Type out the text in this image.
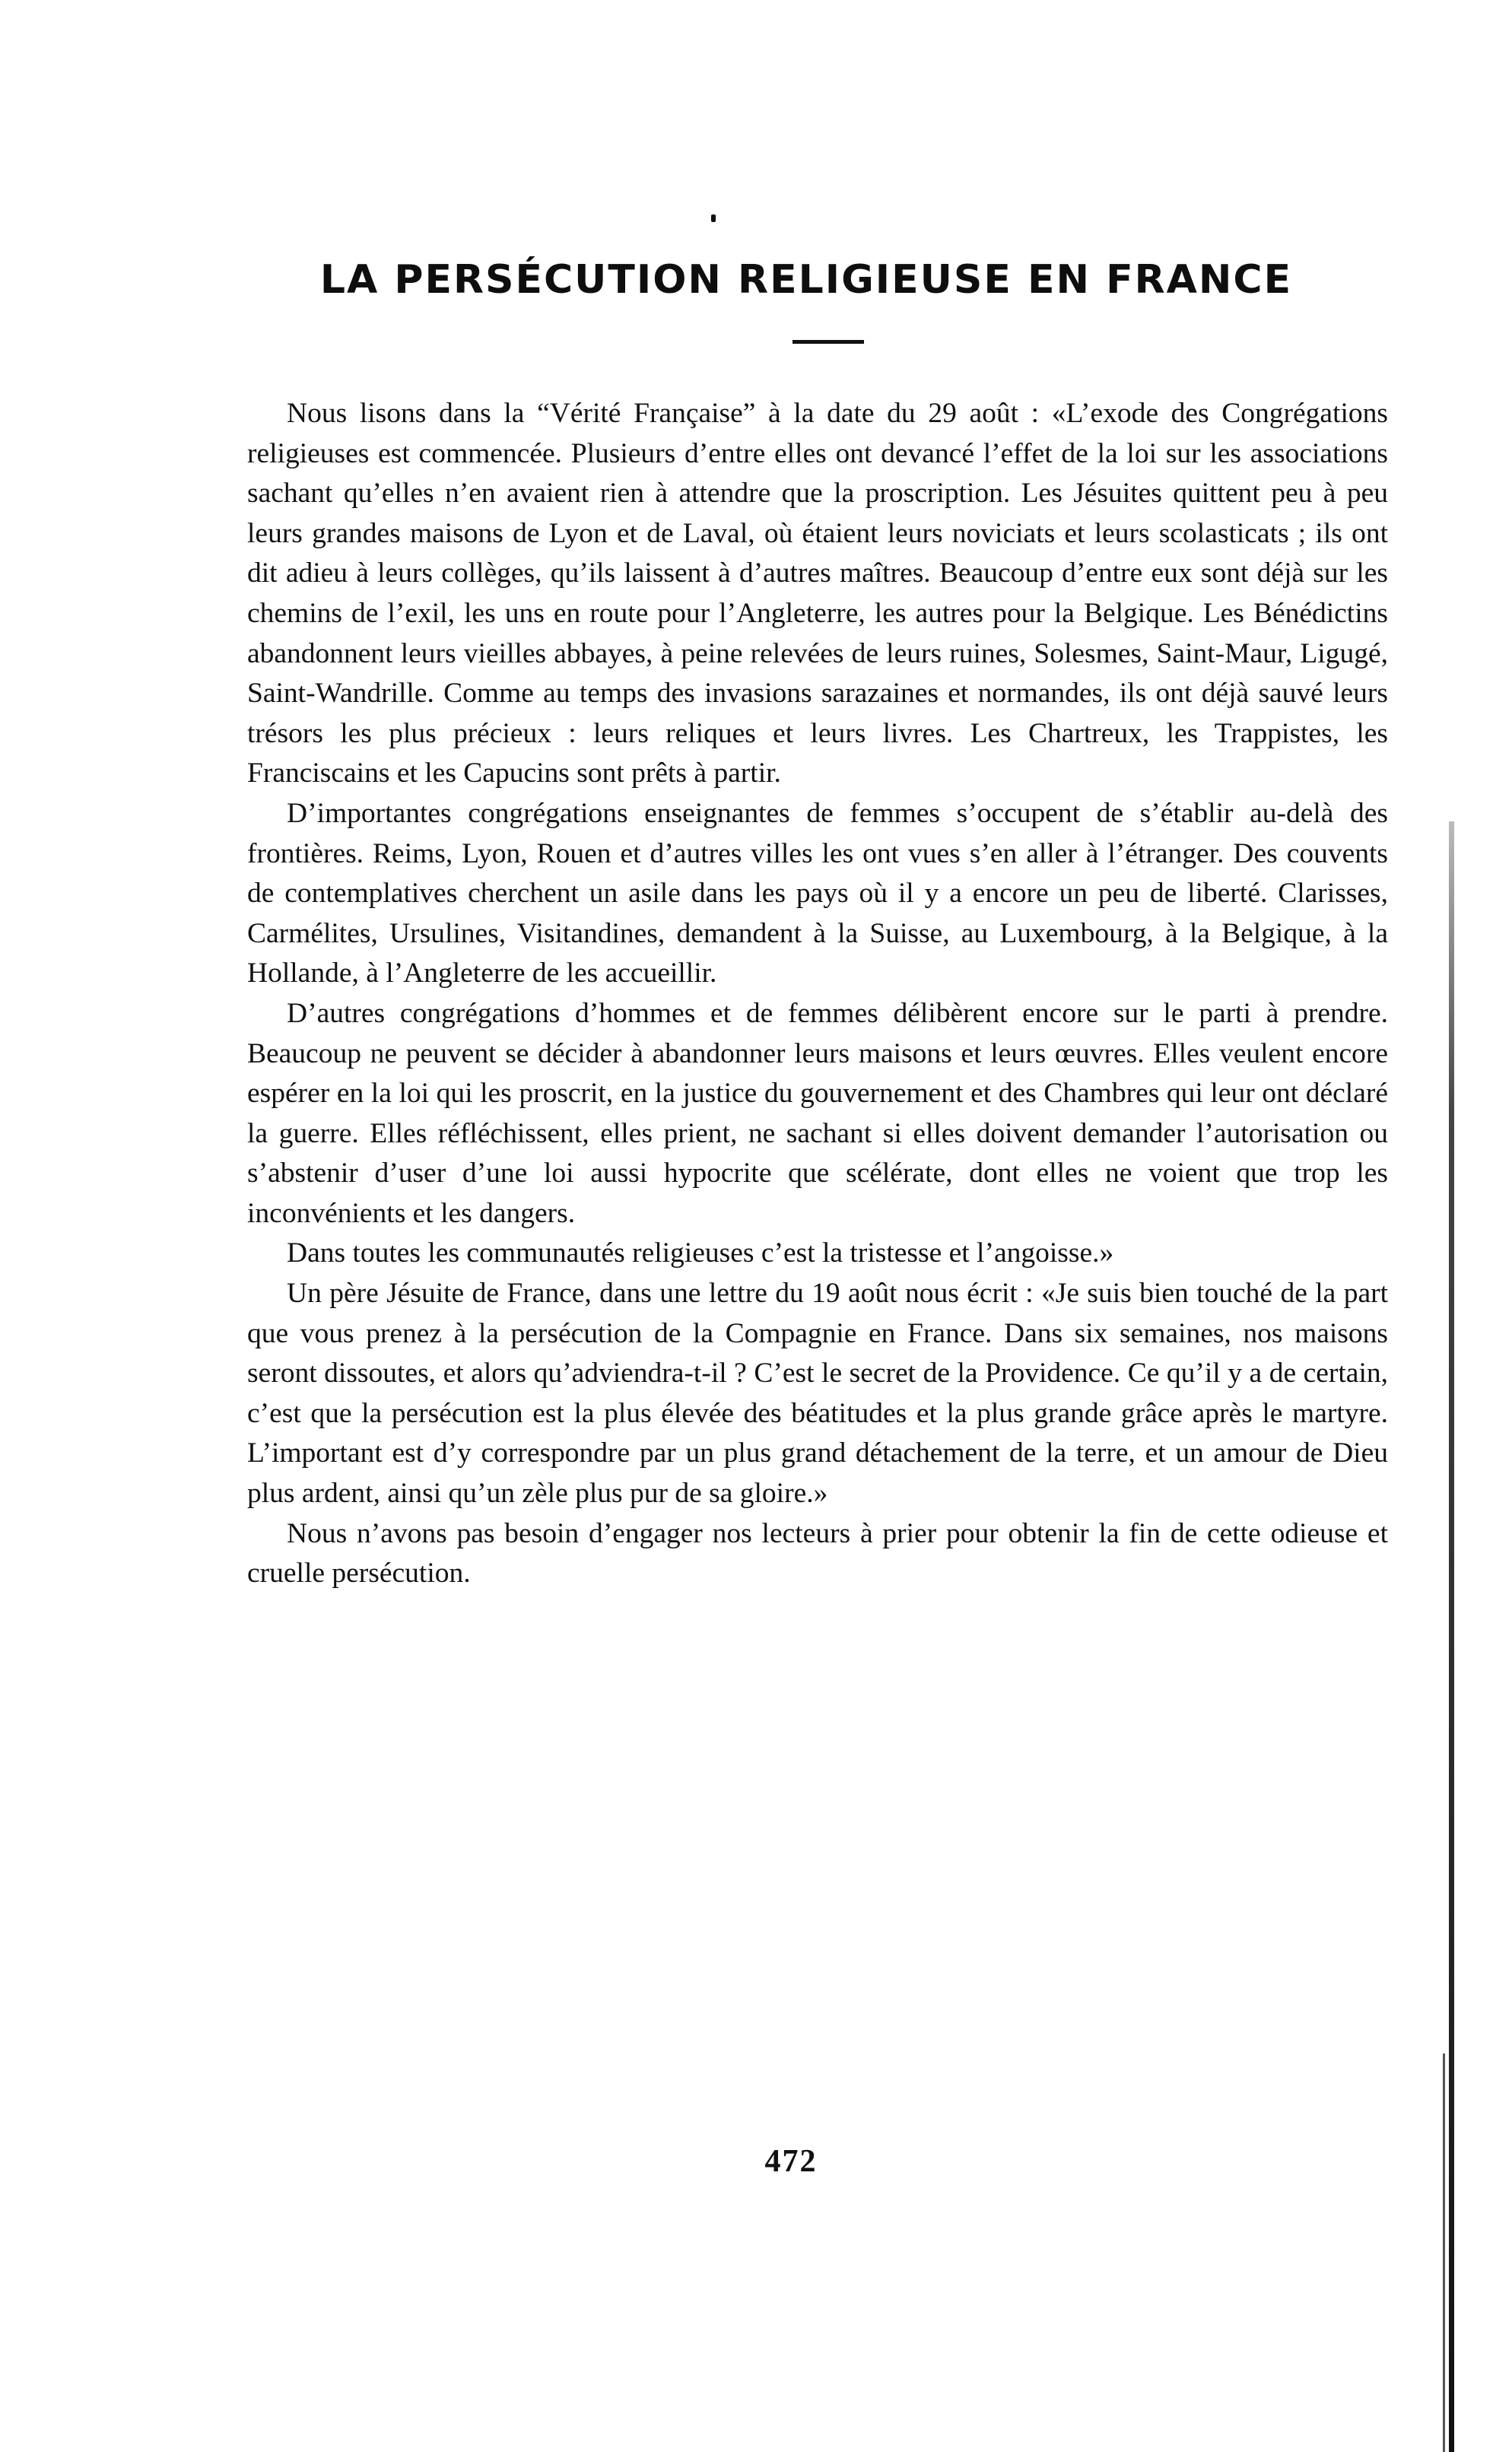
LA PERSÉCUTION RELIGIEUSE EN FRANCE

Nous lisons dans la “Vérité Française” à la date du 29 août : «L’exode des Congrégations religieuses est commencée. Plusieurs d’entre elles ont devancé l’effet de la loi sur les associations sachant qu’elles n’en avaient rien à attendre que la proscription. Les Jésuites quittent peu à peu leurs grandes maisons de Lyon et de Laval, où étaient leurs noviciats et leurs scolasticats ; ils ont dit adieu à leurs collèges, qu’ils laissent à d’autres maîtres. Beaucoup d’entre eux sont déjà sur les chemins de l’exil, les uns en route pour l’Angleterre, les autres pour la Belgique. Les Bénédictins abandonnent leurs vieilles abbayes, à peine relevées de leurs ruines, Solesmes, Saint-Maur, Ligugé, Saint-Wandrille. Comme au temps des invasions sarazaines et normandes, ils ont déjà sauvé leurs trésors les plus précieux : leurs reliques et leurs livres. Les Chartreux, les Trappistes, les Franciscains et les Capucins sont prêts à partir.

D’importantes congrégations enseignantes de femmes s’occupent de s’établir au-delà des frontières. Reims, Lyon, Rouen et d’autres villes les ont vues s’en aller à l’étranger. Des couvents de contemplatives cherchent un asile dans les pays où il y a encore un peu de liberté. Clarisses, Carmélites, Ursulines, Visitandines, demandent à la Suisse, au Luxembourg, à la Belgique, à la Hollande, à l’Angleterre de les accueillir.

D’autres congrégations d’hommes et de femmes délibèrent encore sur le parti à prendre. Beaucoup ne peuvent se décider à abandonner leurs maisons et leurs œuvres. Elles veulent encore espérer en la loi qui les proscrit, en la justice du gouvernement et des Chambres qui leur ont déclaré la guerre. Elles réfléchissent, elles prient, ne sachant si elles doivent demander l’autorisation ou s’abstenir d’user d’une loi aussi hypocrite que scélérate, dont elles ne voient que trop les inconvénients et les dangers.

Dans toutes les communautés religieuses c’est la tristesse et l’angoisse.»

Un père Jésuite de France, dans une lettre du 19 août nous écrit : «Je suis bien touché de la part que vous prenez à la persécution de la Compagnie en France. Dans six semaines, nos maisons seront dissoutes, et alors qu’adviendra-t-il ? C’est le secret de la Providence. Ce qu’il y a de certain, c’est que la persécution est la plus élevée des béatitudes et la plus grande grâce après le martyre. L’important est d’y correspondre par un plus grand détachement de la terre, et un amour de Dieu plus ardent, ainsi qu’un zèle plus pur de sa gloire.»

Nous n’avons pas besoin d’engager nos lecteurs à prier pour obtenir la fin de cette odieuse et cruelle persécution.

472
